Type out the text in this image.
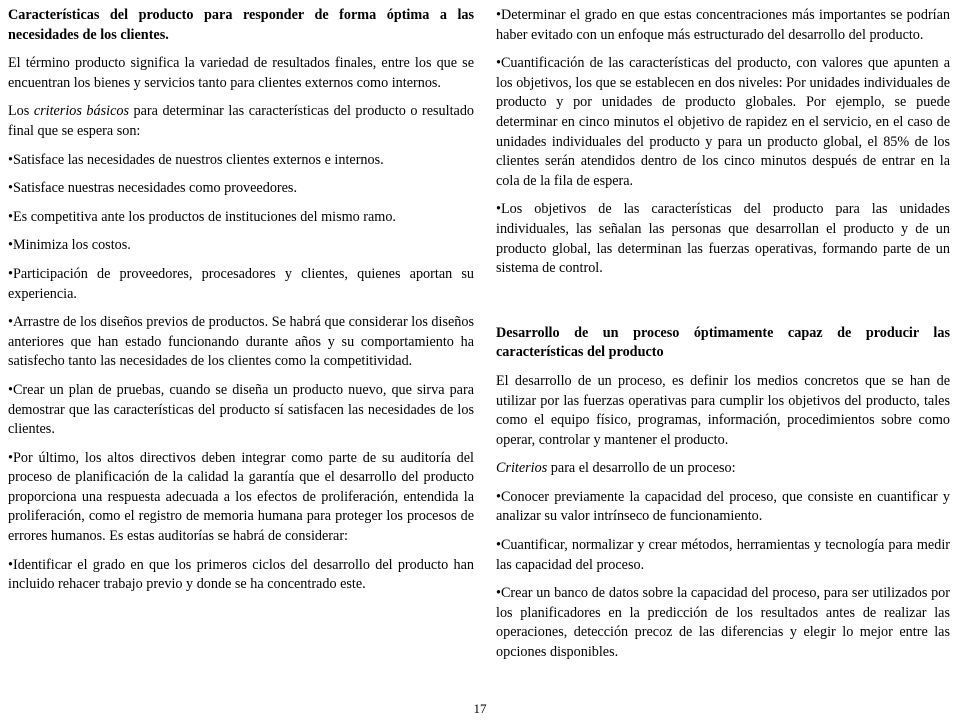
Características del producto para responder de forma óptima a las necesidades de los clientes.

El término producto significa la variedad de resultados finales, entre los que se encuentran los bienes y servicios tanto para clientes externos como internos.

Los criterios básicos para determinar las características del producto o resultado final que se espera son:

•Satisface las necesidades de nuestros clientes externos e internos.

•Satisface nuestras necesidades como proveedores.

•Es competitiva ante los productos de instituciones del mismo ramo.

•Minimiza los costos.

•Participación de proveedores, procesadores y clientes, quienes aportan su experiencia.

•Arrastre de los diseños previos de productos. Se habrá que considerar los diseños anteriores que han estado funcionando durante años y su comportamiento ha satisfecho tanto las necesidades de los clientes como la competitividad.

•Crear un plan de pruebas, cuando se diseña un producto nuevo, que sirva para demostrar que las características del producto sí satisfacen las necesidades de los clientes.

•Por último, los altos directivos deben integrar como parte de su auditoría del proceso de planificación de la calidad la garantía que el desarrollo del producto proporciona una respuesta adecuada a los efectos de proliferación, entendida la proliferación, como el registro de memoria humana para proteger los procesos de errores humanos. Es estas auditorías se habrá de considerar:

•Identificar el grado en que los primeros ciclos del desarrollo del producto han incluido rehacer trabajo previo y donde se ha concentrado este.

•Determinar el grado en que estas concentraciones más importantes se podrían haber evitado con un enfoque más estructurado del desarrollo del producto.

•Cuantificación de las características del producto, con valores que apunten a los objetivos, los que se establecen en dos niveles: Por unidades individuales de producto y por unidades de producto globales. Por ejemplo, se puede determinar en cinco minutos el objetivo de rapidez en el servicio, en el caso de unidades individuales del producto y para un producto global, el 85% de los clientes serán atendidos dentro de los cinco minutos después de entrar en la cola de la fila de espera.

•Los objetivos de las características del producto para las unidades individuales, las señalan las personas que desarrollan el producto y de un producto global, las determinan las fuerzas operativas, formando parte de un sistema de control.

Desarrollo de un proceso óptimamente capaz de producir las características del producto

El desarrollo de un proceso, es definir los medios concretos que se han de utilizar por las fuerzas operativas para cumplir los objetivos del producto, tales como el equipo físico, programas, información, procedimientos sobre como operar, controlar y mantener el producto.

Criterios para el desarrollo de un proceso:

•Conocer previamente la capacidad del proceso, que consiste en cuantificar y analizar su valor intrínseco de funcionamiento.

•Cuantificar, normalizar y crear métodos, herramientas y tecnología para medir las capacidad del proceso.

•Crear un banco de datos sobre la capacidad del proceso, para ser utilizados por los planificadores en la predicción de los resultados antes de realizar las operaciones, detección precoz de las diferencias y elegir lo mejor entre las opciones disponibles.

17
